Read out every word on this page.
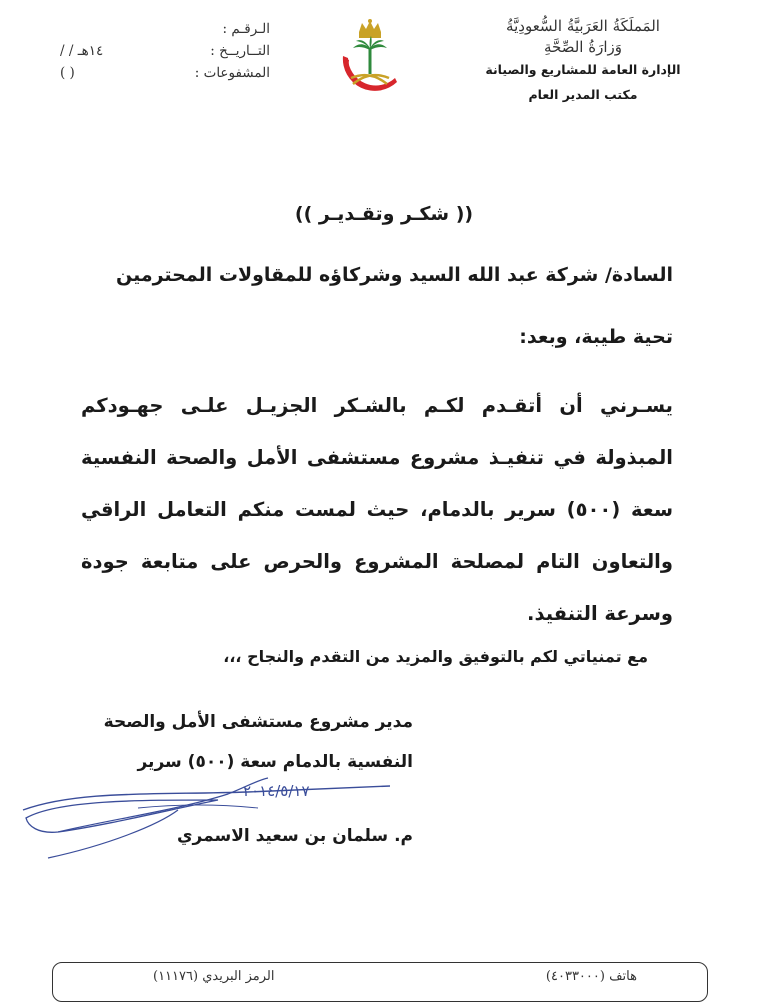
المَملَكَةُ العَرَبيَّةُ السُّعودِيَّةُ
وَزارَةُ الصِّحَّةِ
الإدارة العامة للمشاريع والصيانة
مكتب المدير العام
الـرقـم :
التــاريــخ :
/ / ١٤هـ
المشفوعات :
( )
(( شكـر وتقـديـر ))
السادة/ شركة عبد الله السيد وشركاؤه للمقاولات المحترمين
تحية طيبة، وبعد:
يسـرني أن أتقـدم لكـم بالشـكر الجزيـل علـى جهـودكم المبذولة في تنفيـذ مشروع مستشفى الأمل والصحة النفسية سعة (٥٠٠) سرير بالدمام، حيث لمست منكم التعامل الراقي والتعاون التام لمصلحة المشروع والحرص على متابعة جودة وسرعة التنفيذ.
مع تمنياتي لكم بالتوفيق والمزيد من التقدم والنجاح ،،،
مدير مشروع مستشفى الأمل والصحة
النفسية بالدمام سعة (٥٠٠) سرير
٢٠١٤/٥/١٧
م. سلمان بن سعيد الاسمري
الرمز البريدي (١١١٧٦)	هاتف (٤٠٣٣٠٠٠)
